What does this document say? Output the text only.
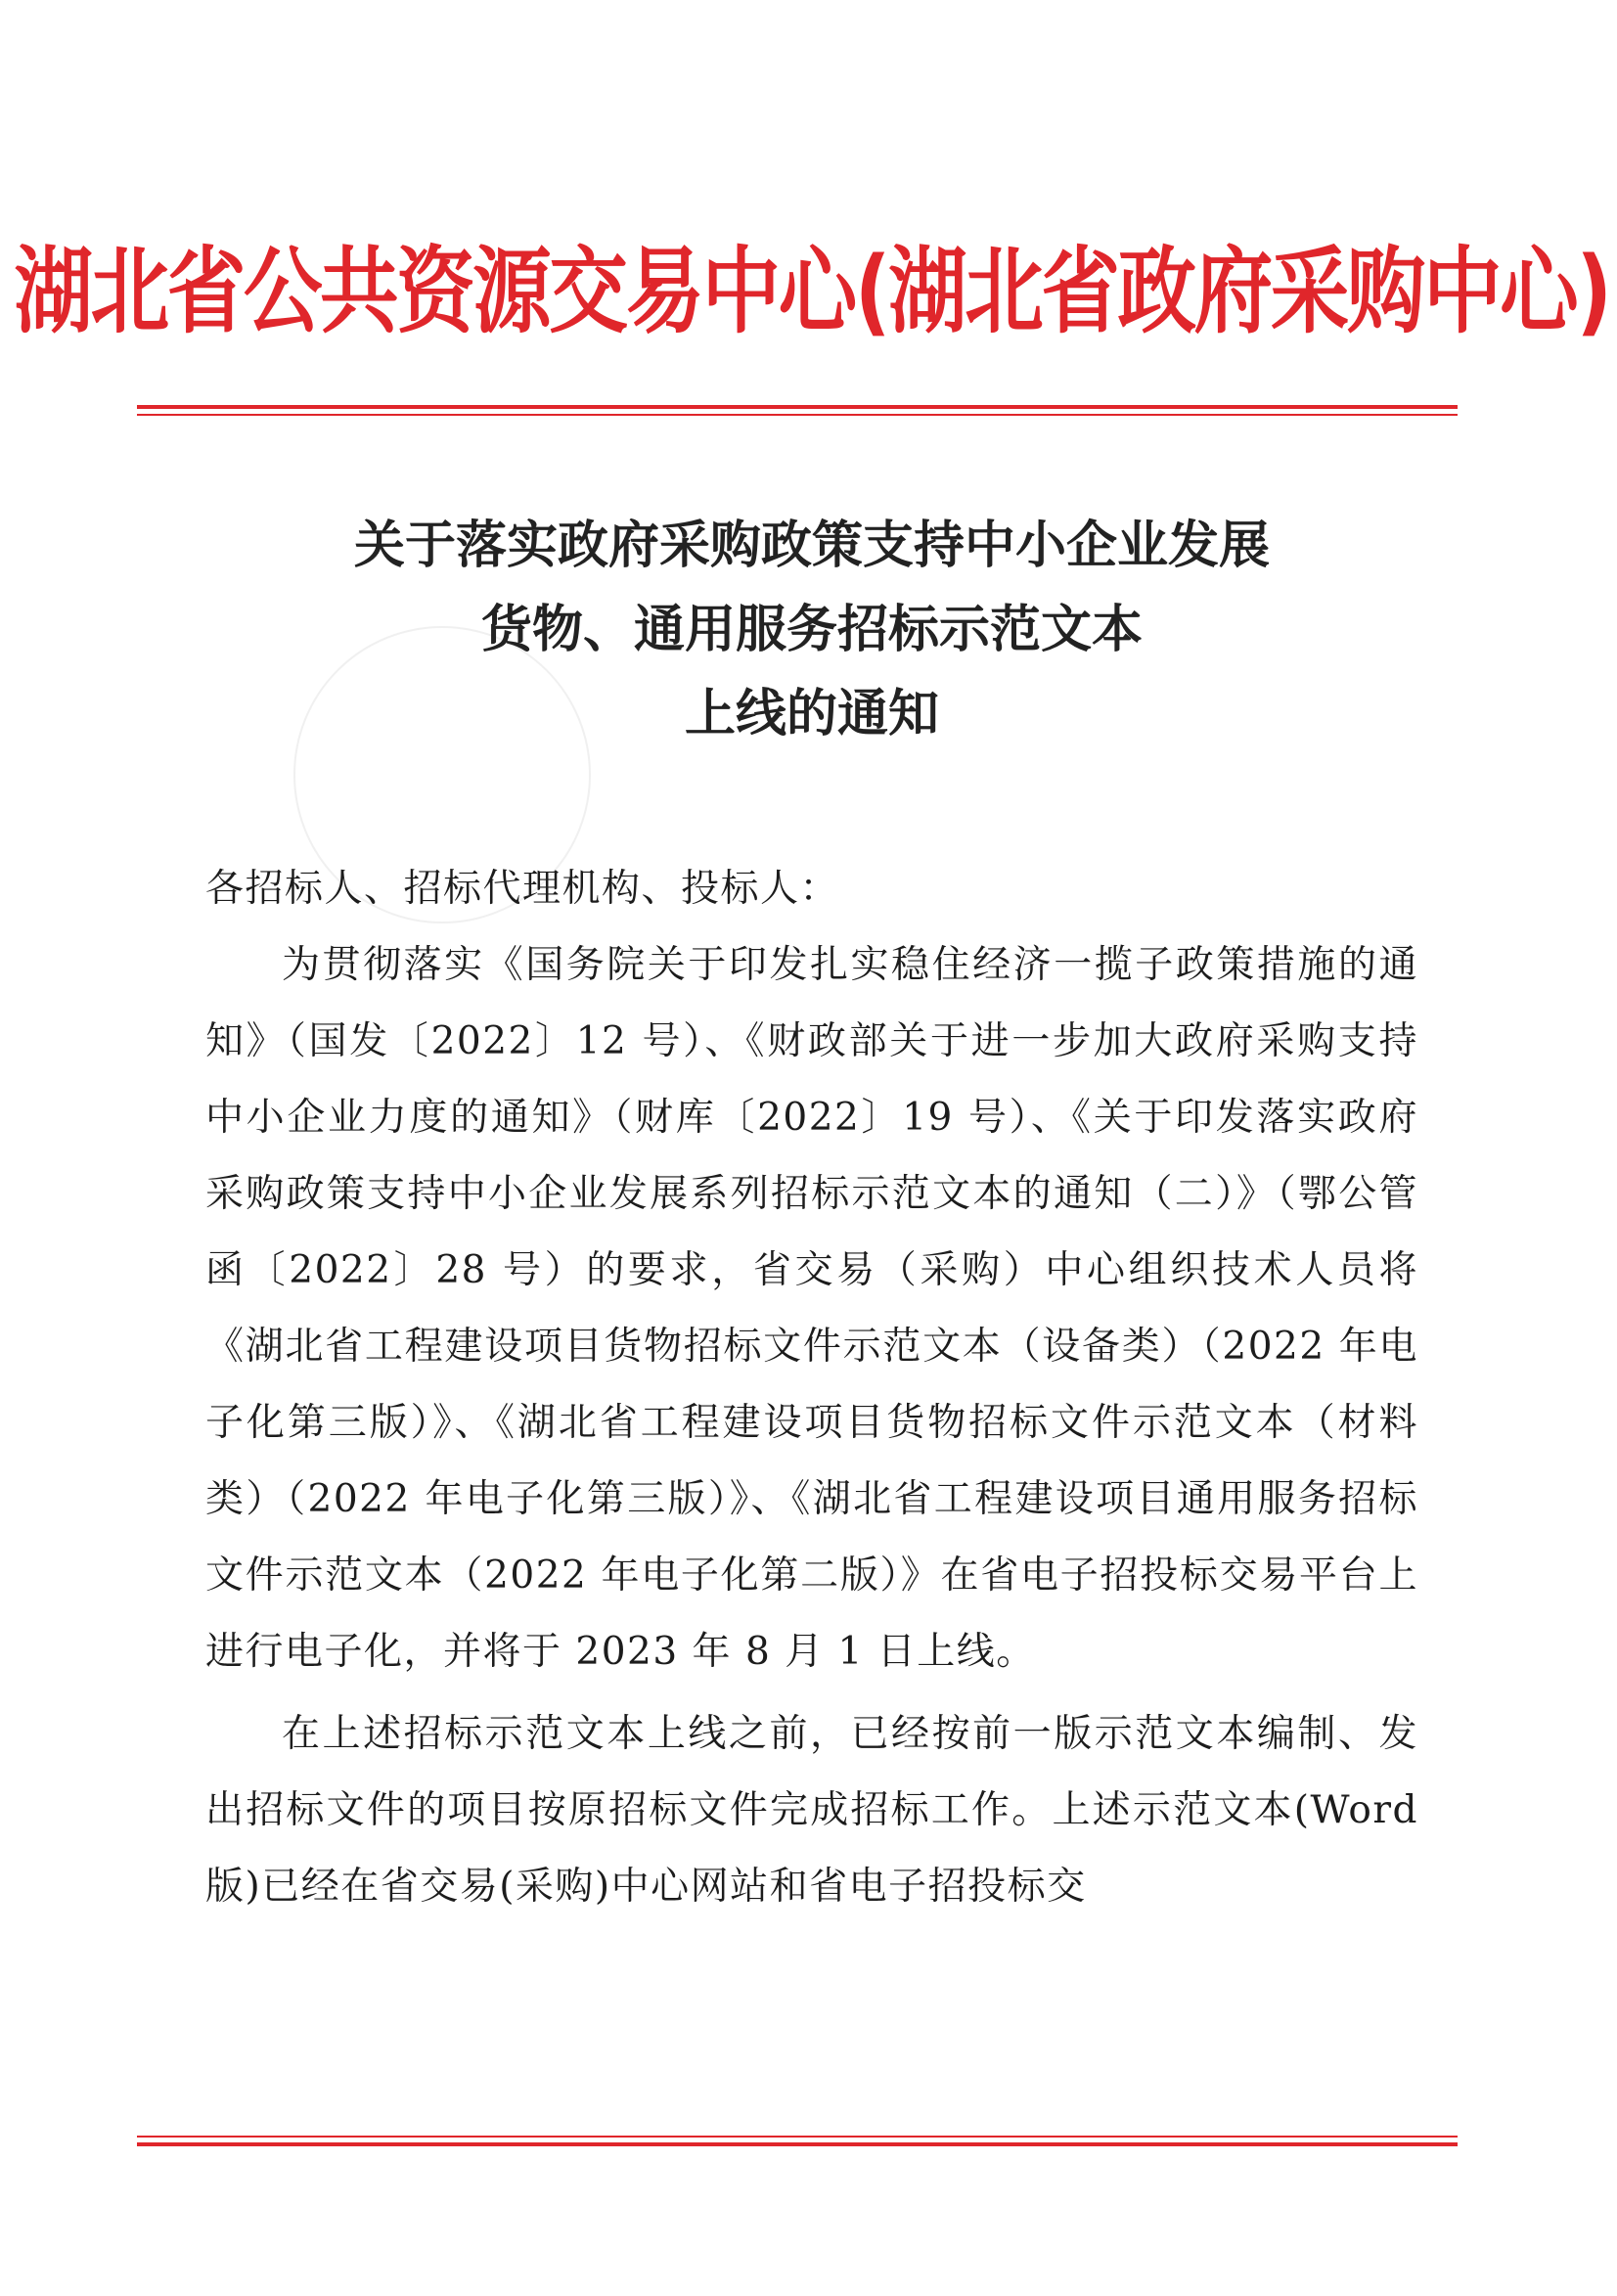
湖北省公共资源交易中心(湖北省政府采购中心)
关于落实政府采购政策支持中小企业发展
货物、通用服务招标示范文本
上线的通知

各招标人、招标代理机构、投标人：

为贯彻落实《国务院关于印发扎实稳住经济一揽子政策措施的通知》（国发〔2022〕12 号）、《财政部关于进一步加大政府采购支持中小企业力度的通知》（财库〔2022〕19 号）、《关于印发落实政府采购政策支持中小企业发展系列招标示范文本的通知（二）》（鄂公管函〔2022〕28 号）的要求，省交易（采购）中心组织技术人员将《湖北省工程建设项目货物招标文件示范文本（设备类）（2022 年电子化第三版）》、《湖北省工程建设项目货物招标文件示范文本（材料类）（2022 年电子化第三版）》、《湖北省工程建设项目通用服务招标文件示范文本（2022 年电子化第二版）》在省电子招投标交易平台上进行电子化，并将于 2023 年 8 月 1 日上线。

在上述招标示范文本上线之前，已经按前一版示范文本编制、发出招标文件的项目按原招标文件完成招标工作。上述示范文本(Word 版)已经在省交易(采购)中心网站和省电子招投标交
